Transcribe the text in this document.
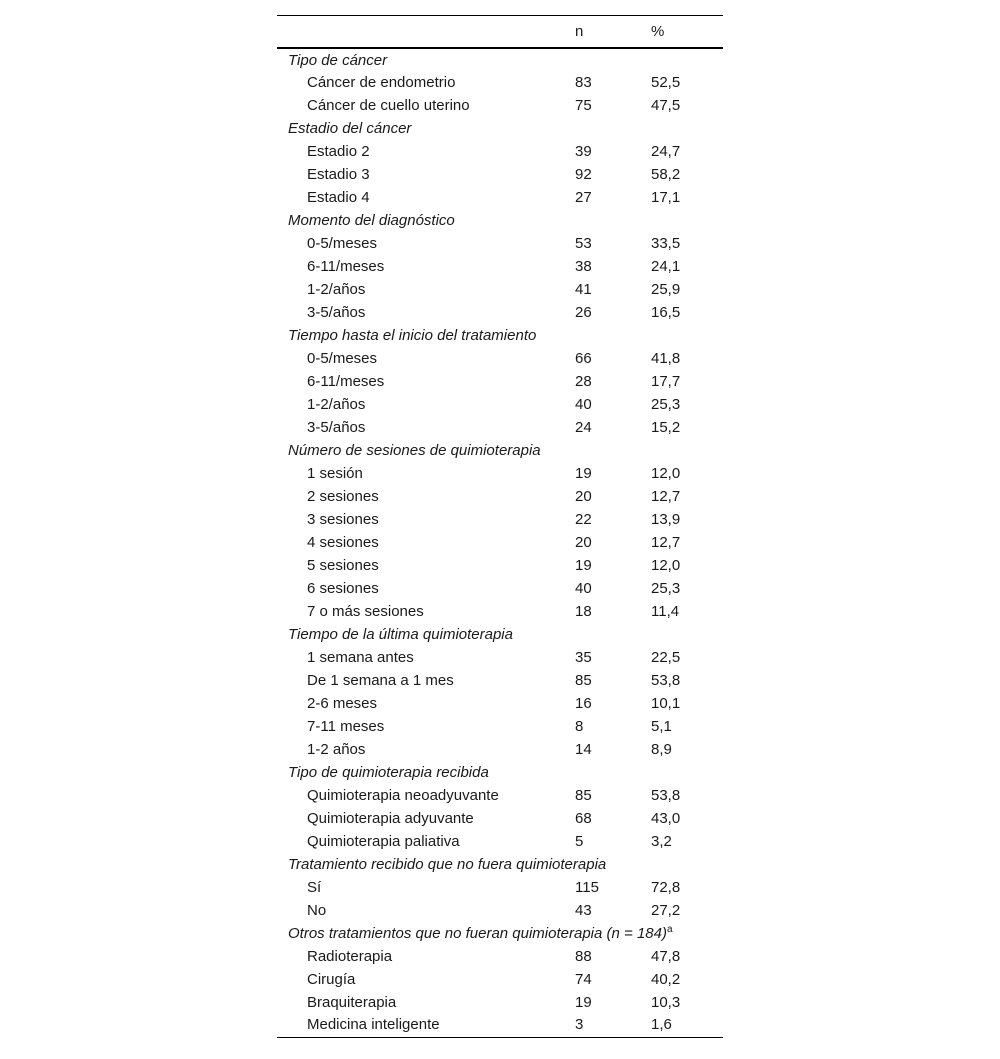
	n	%
Tipo de cáncer		
Cáncer de endometrio	83	52,5
Cáncer de cuello uterino	75	47,5
Estadio del cáncer		
Estadio 2	39	24,7
Estadio 3	92	58,2
Estadio 4	27	17,1
Momento del diagnóstico		
0-5/meses	53	33,5
6-11/meses	38	24,1
1-2/años	41	25,9
3-5/años	26	16,5
Tiempo hasta el inicio del tratamiento		
0-5/meses	66	41,8
6-11/meses	28	17,7
1-2/años	40	25,3
3-5/años	24	15,2
Número de sesiones de quimioterapia		
1 sesión	19	12,0
2 sesiones	20	12,7
3 sesiones	22	13,9
4 sesiones	20	12,7
5 sesiones	19	12,0
6 sesiones	40	25,3
7 o más sesiones	18	11,4
Tiempo de la última quimioterapia		
1 semana antes	35	22,5
De 1 semana a 1 mes	85	53,8
2-6 meses	16	10,1
7-11 meses	8	5,1
1-2 años	14	8,9
Tipo de quimioterapia recibida		
Quimioterapia neoadyuvante	85	53,8
Quimioterapia adyuvante	68	43,0
Quimioterapia paliativa	5	3,2
Tratamiento recibido que no fuera quimioterapia		
Sí	115	72,8
No	43	27,2
Otros tratamientos que no fueran quimioterapia (n = 184)$^a$
Radioterapia	88	47,8
Cirugía	74	40,2
Braquiterapia	19	10,3
Medicina inteligente	3	1,6
